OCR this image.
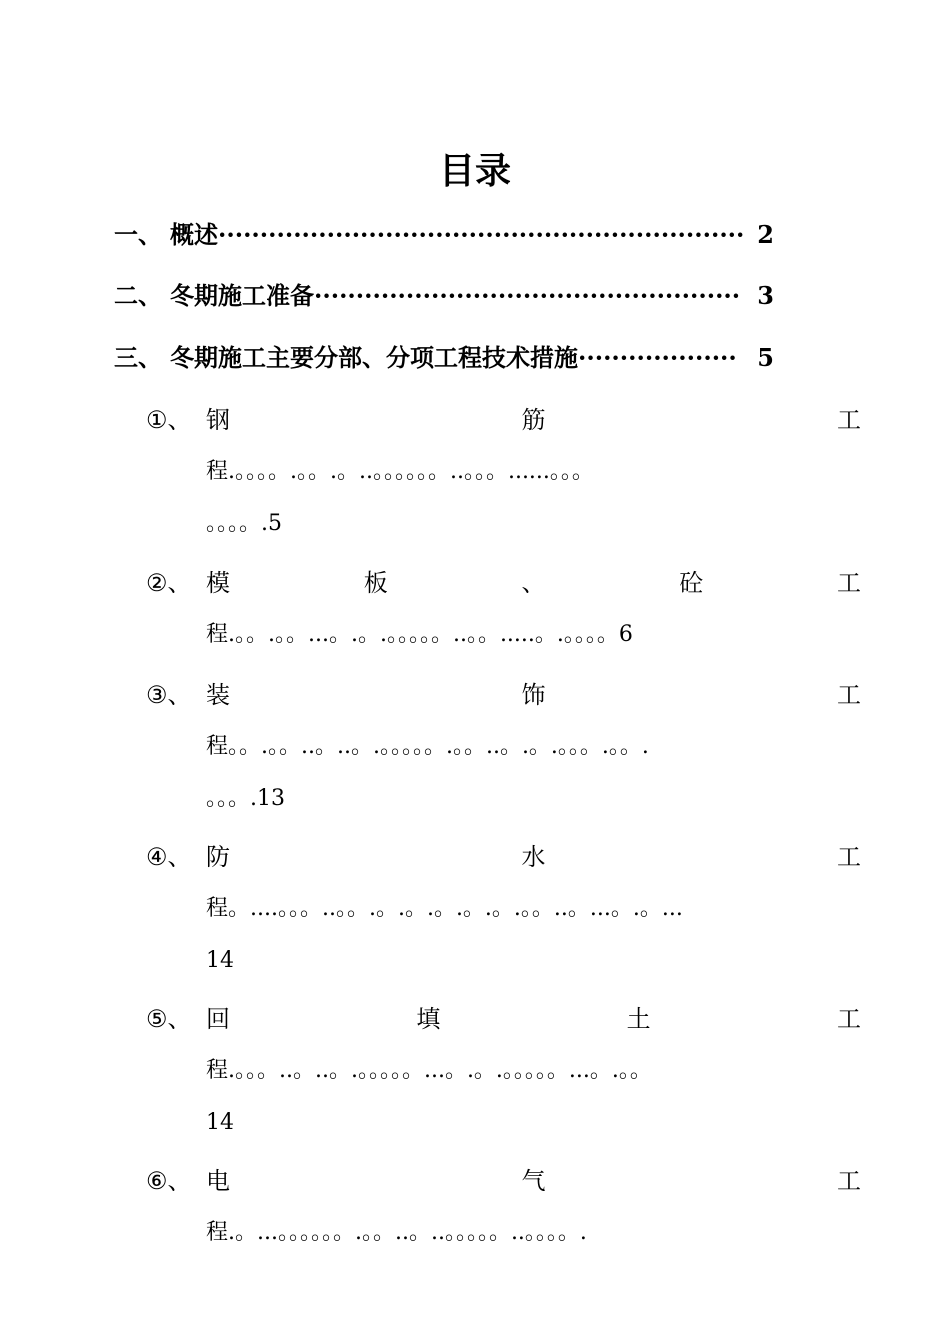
目录
一、 概述 ······························································· 2
二、 冬期施工准备 ··················································· 3
三、 冬期施工主要分部、分项工程技术措施 ··················· 5
①、 钢	筋	工
程.。。。。.。。.。..。。。。。。..。。。......。。。
。。。。.5
②、 模	板	、	砼	工
程.。。.。。...。.。.。。。。。..。。.....。.。。。。6
③、 装	饰	工
程。。.。。..。..。.。。。。。.。。..。.。.。。。.。。.
。。。.13
④、 防	水	工
程。....。。。..。。.。.。.。.。.。.。。..。...。.。...
14
⑤、 回	填	土	工
程.。。。..。..。.。。。。。...。.。.。。。。。...。.。。
14
⑥、 电	气	工
程.。...。。。。。。.。。..。..。。。。。..。。。。.
